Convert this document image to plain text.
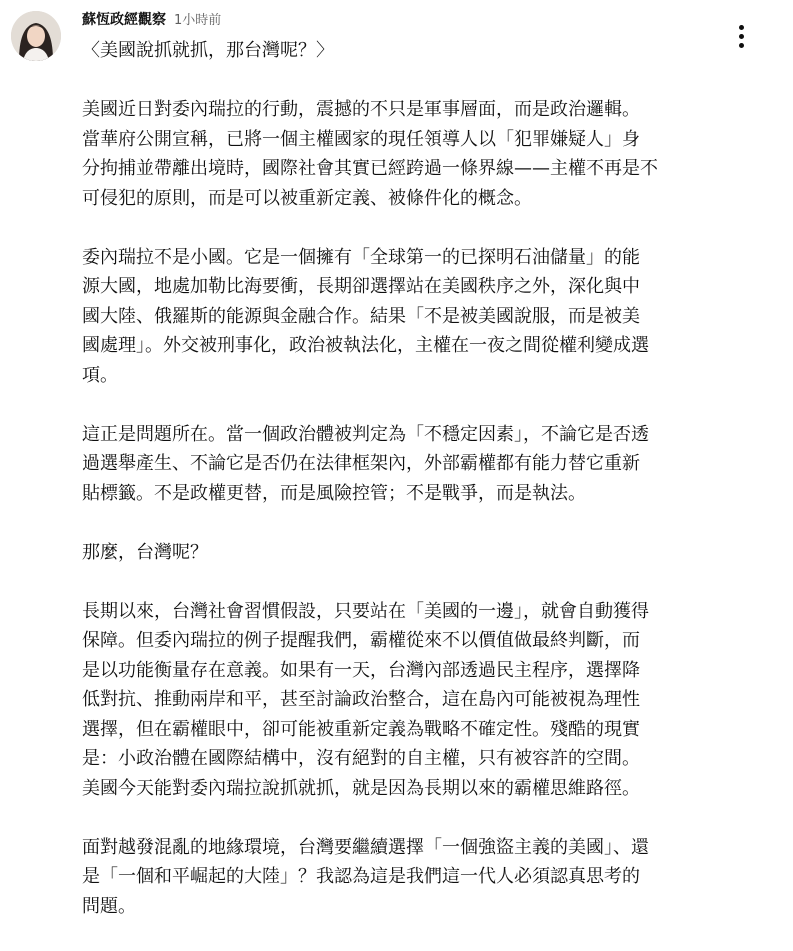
蘇恆政經觀察 1小時前
〈美國說抓就抓，那台灣呢？〉
美國近日對委內瑞拉的行動，震撼的不只是軍事層面，而是政治邏輯。
當華府公開宣稱，已將一個主權國家的現任領導人以「犯罪嫌疑人」身
分拘捕並帶離出境時，國際社會其實已經跨過一條界線——主權不再是不
可侵犯的原則，而是可以被重新定義、被條件化的概念。
委內瑞拉不是小國。它是一個擁有「全球第一的已探明石油儲量」的能
源大國，地處加勒比海要衝，長期卻選擇站在美國秩序之外，深化與中
國大陸、俄羅斯的能源與金融合作。結果「不是被美國說服，而是被美
國處理」。外交被刑事化，政治被執法化，主權在一夜之間從權利變成選
項。
這正是問題所在。當一個政治體被判定為「不穩定因素」，不論它是否透
過選舉產生、不論它是否仍在法律框架內，外部霸權都有能力替它重新
貼標籤。不是政權更替，而是風險控管；不是戰爭，而是執法。
那麼，台灣呢？
長期以來，台灣社會習慣假設，只要站在「美國的一邊」，就會自動獲得
保障。但委內瑞拉的例子提醒我們，霸權從來不以價值做最終判斷，而
是以功能衡量存在意義。如果有一天，台灣內部透過民主程序，選擇降
低對抗、推動兩岸和平，甚至討論政治整合，這在島內可能被視為理性
選擇，但在霸權眼中，卻可能被重新定義為戰略不確定性。殘酷的現實
是：小政治體在國際結構中，沒有絕對的自主權，只有被容許的空間。
美國今天能對委內瑞拉說抓就抓，就是因為長期以來的霸權思維路徑。
面對越發混亂的地緣環境，台灣要繼續選擇「一個強盜主義的美國」、還
是「一個和平崛起的大陸」？我認為這是我們這一代人必須認真思考的
問題。
